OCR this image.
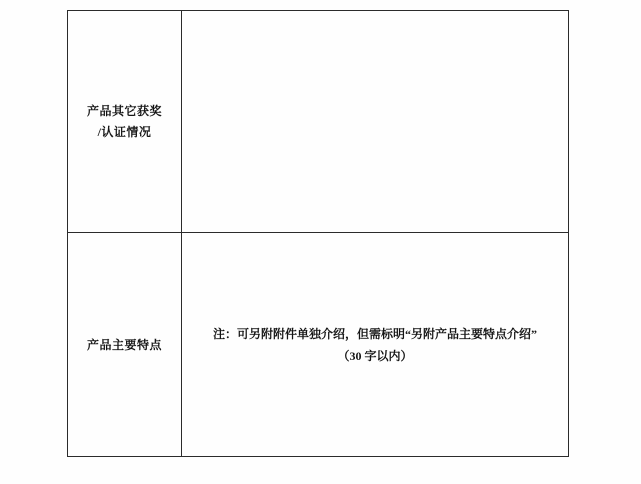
产品其它获奖
/认证情况	

产品主要特点	注：可另附附件单独介绍，但需标明“另附产品主要特点介绍”
（30 字以内）
